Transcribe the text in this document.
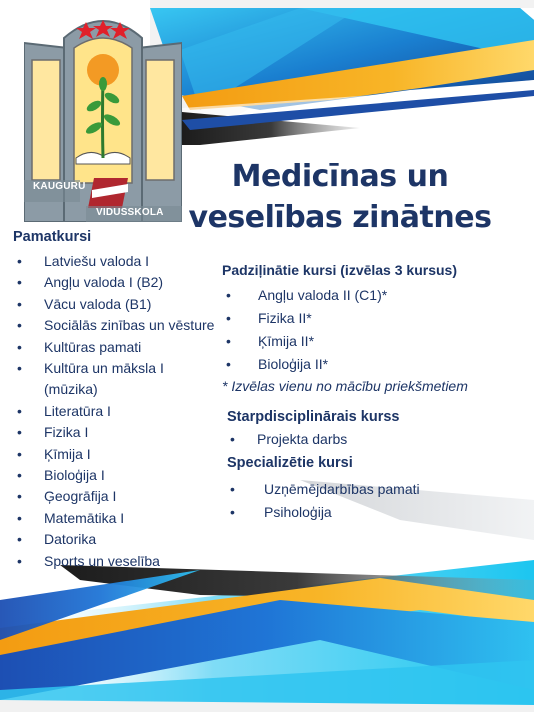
KAUGURU
VIDUSSKOLA
Medicīnas un veselības zinātnes
Pamatkursi
• Latviešu valoda I
• Angļu valoda I (B2)
• Vācu valoda (B1)
• Sociālās zinības un vēsture
• Kultūras pamati
• Kultūra un māksla I
(mūzika)
• Literatūra I
• Fizika I
• Ķīmija I
• Bioloģija I
• Ģeogrāfija I
• Matemātika I
• Datorika
• Sports un veselība
Padziļinātie kursi (izvēlas 3 kursus)
• Angļu valoda II (C1)*
• Fizika II*
• Ķīmija II*
• Bioloģija II*
* Izvēlas vienu no mācību priekšmetiem
Starpdisciplinārais kurss
• Projekta darbs
Specializētie kursi
• Uzņēmējdarbības pamati
• Psiholoģija
